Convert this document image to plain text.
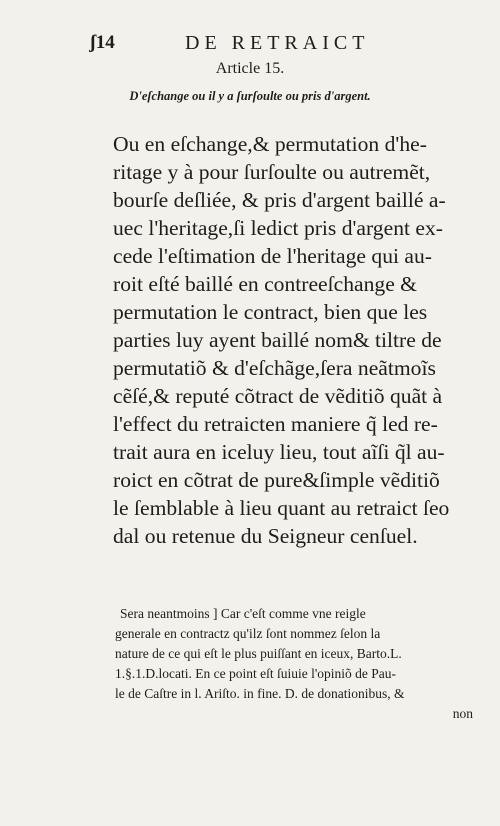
ʃ14	DE RETRAICT
Article 15.
D'eſchange ou il y a ſurſoulte ou pris d'argent.
Ou en eſchange,& permutation d'he-
ritage y à pour ſurſoulte ou autremẽt,
bourſe deſliée, & pris d'argent baillé a-
uec l'heritage,ſi ledict pris d'argent ex-
cede l'eſtimation de l'heritage qui au-
roit eſté baillé en contreeſchange &
permutation le contract, bien que les
parties luy ayent baillé nom& tiltre de
permutatiõ & d'eſchãge,ſera neãtmoĩs
cẽſé,& reputé cõtract de vẽditiõ quãt à
l'effect du retraicten maniere q̃ led re-
trait aura en iceluy lieu, tout aĩſi q̃l au-
roict en cõtrat de pure&ſimple vẽditiõ
le ſemblable à lieu quant au retraict ſeo
dal ou retenue du Seigneur cenſuel.
Sera neantmoins ] Car c'eſt comme vne reigle
generale en contractz qu'ilz ſont nommez ſelon la
nature de ce qui eſt le plus puiſſant en iceux, Barto.L.
1.§.1.D.locati. En ce point eſt ſuiuie l'opiniõ de Pau-
le de Caſtre in l. Ariſto. in fine. D. de donationibus, &
non
